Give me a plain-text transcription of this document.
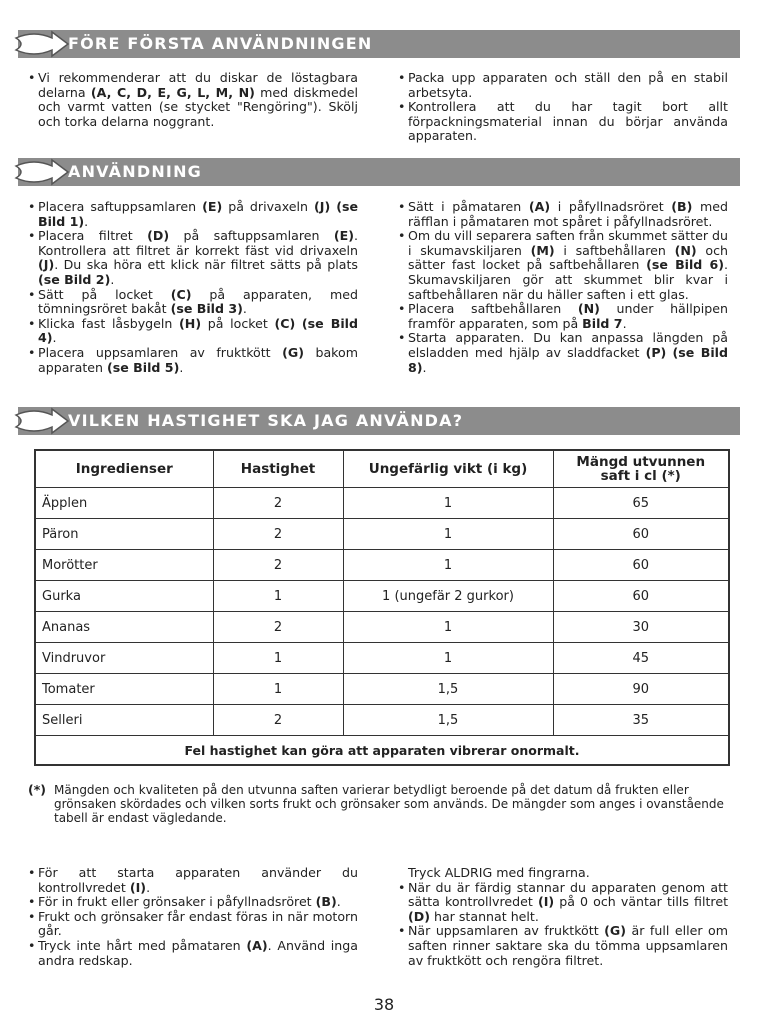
FÖRE FÖRSTA ANVÄNDNINGEN
• Vi rekommenderar att du diskar de löstagbara delarna (A, C, D, E, G, L, M, N) med diskmedel och varmt vatten (se stycket "Rengöring"). Skölj och torka delarna noggrant.
• Packa upp apparaten och ställ den på en stabil arbetsyta.
• Kontrollera att du har tagit bort allt förpackningsmaterial innan du börjar använda apparaten.
ANVÄNDNING
• Placera saftuppsamlaren (E) på drivaxeln (J) (se Bild 1).
• Placera filtret (D) på saftuppsamlaren (E). Kontrollera att filtret är korrekt fäst vid drivaxeln (J). Du ska höra ett klick när filtret sätts på plats (se Bild 2).
• Sätt på locket (C) på apparaten, med tömningsröret bakåt (se Bild 3).
• Klicka fast låsbygeln (H) på locket (C) (se Bild 4).
• Placera uppsamlaren av fruktkött (G) bakom apparaten (se Bild 5).
• Sätt i påmataren (A) i påfyllnadsröret (B) med räfflan i påmataren mot spåret i påfyllnadsröret.
• Om du vill separera saften från skummet sätter du i skumavskiljaren (M) i saftbehållaren (N) och sätter fast locket på saftbehållaren (se Bild 6). Skumavskiljaren gör att skummet blir kvar i saftbehållaren när du häller saften i ett glas.
• Placera saftbehållaren (N) under hällpipen framför apparaten, som på Bild 7.
• Starta apparaten. Du kan anpassa längden på elsladden med hjälp av sladdfacket (P) (se Bild 8).
VILKEN HASTIGHET SKA JAG ANVÄNDA?
Ingredienser	Hastighet	Ungefärlig vikt (i kg)	Mängd utvunnen saft i cl (*)
Äpplen	2	1	65
Päron	2	1	60
Morötter	2	1	60
Gurka	1	1 (ungefär 2 gurkor)	60
Ananas	2	1	30
Vindruvor	1	1	45
Tomater	1	1,5	90
Selleri	2	1,5	35
Fel hastighet kan göra att apparaten vibrerar onormalt.			
(*) Mängden och kvaliteten på den utvunna saften varierar betydligt beroende på det datum då frukten eller grönsaken skördades och vilken sorts frukt och grönsaker som används. De mängder som anges i ovanstående tabell är endast vägledande.
• För att starta apparaten använder du kontrollvredet (I).
• För in frukt eller grönsaker i påfyllnadsröret (B).
• Frukt och grönsaker får endast föras in när motorn går.
• Tryck inte hårt med påmataren (A). Använd inga andra redskap.
Tryck ALDRIG med fingrarna.
• När du är färdig stannar du apparaten genom att sätta kontrollvredet (I) på 0 och väntar tills filtret (D) har stannat helt.
• När uppsamlaren av fruktkött (G) är full eller om saften rinner saktare ska du tömma uppsamlaren av fruktkött och rengöra filtret.
38
